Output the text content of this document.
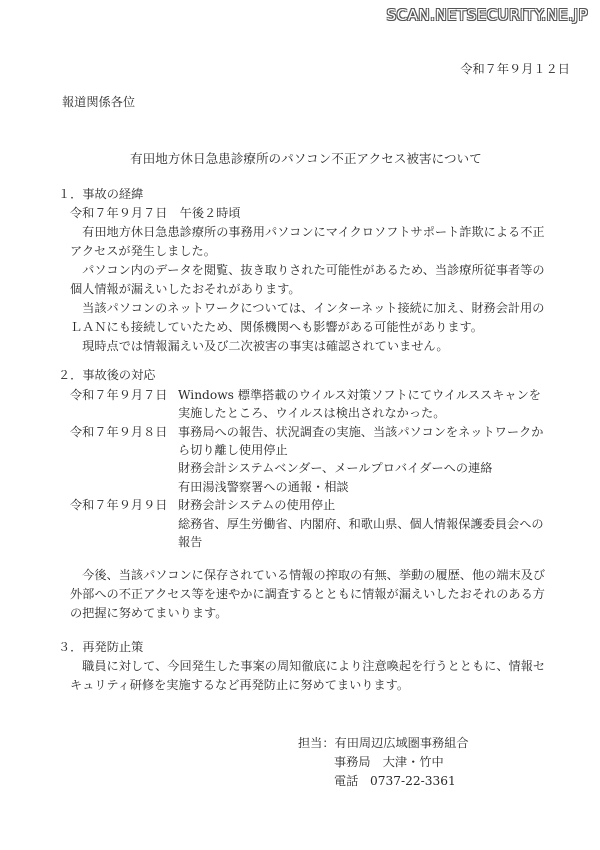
SCAN.NETSECURITY.NE.JP
令和７年９月１２日
報道関係各位
有田地方休日急患診療所のパソコン不正アクセス被害について
１．事故の経緯
令和７年９月７日　午後２時頃
　有田地方休日急患診療所の事務用パソコンにマイクロソフトサポート詐欺による不正
アクセスが発生しました。
　パソコン内のデータを閲覧、抜き取りされた可能性があるため、当診療所従事者等の
個人情報が漏えいしたおそれがあります。
　当該パソコンのネットワークについては、インターネット接続に加え、財務会計用の
ＬＡＮにも接続していたため、関係機関へも影響がある可能性があります。
　現時点では情報漏えい及び二次被害の事実は確認されていません。
２．事故後の対応
令和７年９月７日 Windows 標準搭載のウイルス対策ソフトにてウイルススキャンを
実施したところ、ウイルスは検出されなかった。
令和７年９月８日 事務局への報告、状況調査の実施、当該パソコンをネットワークか
ら切り離し使用停止
財務会計システムベンダー、メールプロバイダーへの連絡
有田湯浅警察署への通報・相談
令和７年９月９日 財務会計システムの使用停止
総務省、厚生労働省、内閣府、和歌山県、個人情報保護委員会への
報告
　今後、当該パソコンに保存されている情報の搾取の有無、挙動の履歴、他の端末及び
外部への不正アクセス等を速やかに調査するとともに情報が漏えいしたおそれのある方
の把握に努めてまいります。
３．再発防止策
　職員に対して、今回発生した事案の周知徹底により注意喚起を行うとともに、情報セ
キュリティ研修を実施するなど再発防止に努めてまいります。
担当：有田周辺広域圏事務組合
事務局　大津・竹中
電話 0737-22-3361
